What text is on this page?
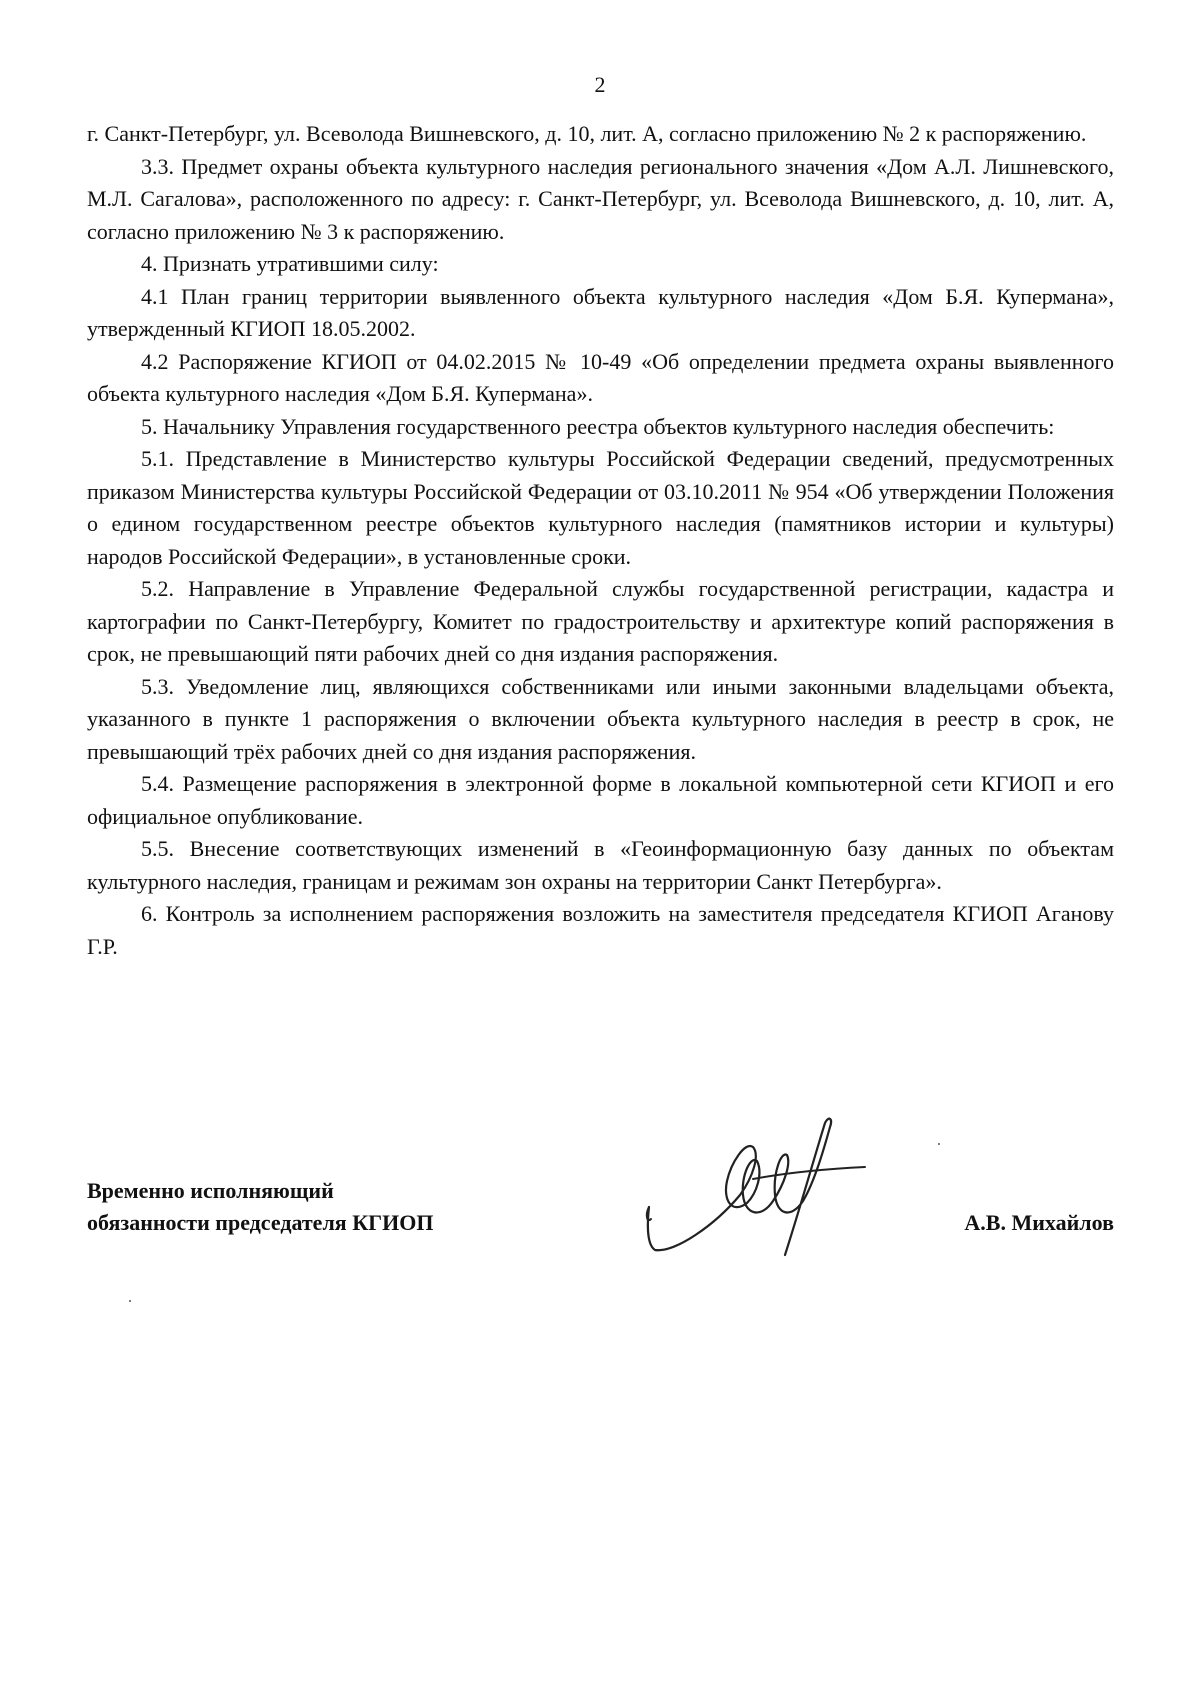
2

г. Санкт-Петербург, ул. Всеволода Вишневского, д. 10, лит. А, согласно приложению № 2 к распоряжению.

3.3. Предмет охраны объекта культурного наследия регионального значения «Дом А.Л. Лишневского, М.Л. Сагалова», расположенного по адресу: г. Санкт-Петербург, ул. Всеволода Вишневского, д. 10, лит. А, согласно приложению № 3 к распоряжению.

4. Признать утратившими силу:

4.1 План границ территории выявленного объекта культурного наследия «Дом Б.Я. Купермана», утвержденный КГИОП 18.05.2002.

4.2 Распоряжение КГИОП от 04.02.2015 № 10-49 «Об определении предмета охраны выявленного объекта культурного наследия «Дом Б.Я. Купермана».

5. Начальнику Управления государственного реестра объектов культурного наследия обеспечить:

5.1. Представление в Министерство культуры Российской Федерации сведений, предусмотренных приказом Министерства культуры Российской Федерации от 03.10.2011 № 954 «Об утверждении Положения о едином государственном реестре объектов культурного наследия (памятников истории и культуры) народов Российской Федерации», в установленные сроки.

5.2. Направление в Управление Федеральной службы государственной регистрации, кадастра и картографии по Санкт-Петербургу, Комитет по градостроительству и архитектуре копий распоряжения в срок, не превышающий пяти рабочих дней со дня издания распоряжения.

5.3. Уведомление лиц, являющихся собственниками или иными законными владельцами объекта, указанного в пункте 1 распоряжения о включении объекта культурного наследия в реестр в срок, не превышающий трёх рабочих дней со дня издания распоряжения.

5.4. Размещение распоряжения в электронной форме в локальной компьютерной сети КГИОП и его официальное опубликование.

5.5. Внесение соответствующих изменений в «Геоинформационную базу данных по объектам культурного наследия, границам и режимам зон охраны на территории Санкт Петербурга».

6. Контроль за исполнением распоряжения возложить на заместителя председателя КГИОП Аганову Г.Р.

Временно исполняющий
обязанности председателя КГИОП	А.В. Михайлов
